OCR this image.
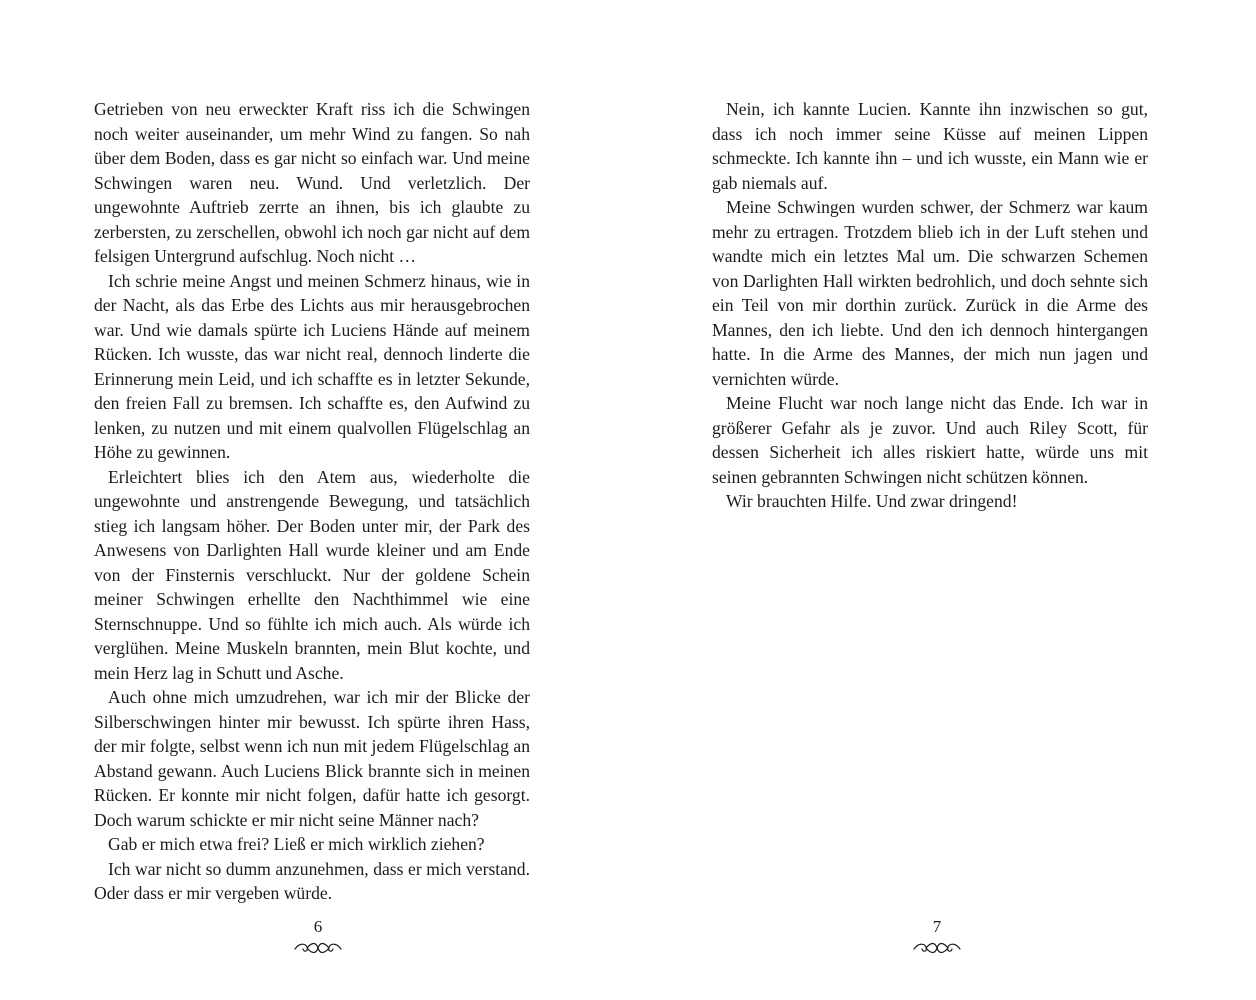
Getrieben von neu erweckter Kraft riss ich die Schwingen noch weiter auseinander, um mehr Wind zu fangen. So nah über dem Boden, dass es gar nicht so einfach war. Und meine Schwingen waren neu. Wund. Und verletzlich. Der ungewohnte Auftrieb zerrte an ihnen, bis ich glaubte zu zerbersten, zu zerschellen, obwohl ich noch gar nicht auf dem felsigen Untergrund aufschlug. Noch nicht …

Ich schrie meine Angst und meinen Schmerz hinaus, wie in der Nacht, als das Erbe des Lichts aus mir herausgebrochen war. Und wie damals spürte ich Luciens Hände auf meinem Rücken. Ich wusste, das war nicht real, dennoch linderte die Erinnerung mein Leid, und ich schaffte es in letzter Sekunde, den freien Fall zu bremsen. Ich schaffte es, den Aufwind zu lenken, zu nutzen und mit einem qualvollen Flügelschlag an Höhe zu gewinnen.

Erleichtert blies ich den Atem aus, wiederholte die ungewohnte und anstrengende Bewegung, und tatsächlich stieg ich langsam höher. Der Boden unter mir, der Park des Anwesens von Darlighten Hall wurde kleiner und am Ende von der Finsternis verschluckt. Nur der goldene Schein meiner Schwingen erhellte den Nachthimmel wie eine Sternschnuppe. Und so fühlte ich mich auch. Als würde ich verglühen. Meine Muskeln brannten, mein Blut kochte, und mein Herz lag in Schutt und Asche.

Auch ohne mich umzudrehen, war ich mir der Blicke der Silberschwingen hinter mir bewusst. Ich spürte ihren Hass, der mir folgte, selbst wenn ich nun mit jedem Flügelschlag an Abstand gewann. Auch Luciens Blick brannte sich in meinen Rücken. Er konnte mir nicht folgen, dafür hatte ich gesorgt. Doch warum schickte er mir nicht seine Männer nach?

Gab er mich etwa frei? Ließ er mich wirklich ziehen?

Ich war nicht so dumm anzunehmen, dass er mich verstand. Oder dass er mir vergeben würde.

6

Nein, ich kannte Lucien. Kannte ihn inzwischen so gut, dass ich noch immer seine Küsse auf meinen Lippen schmeckte. Ich kannte ihn – und ich wusste, ein Mann wie er gab niemals auf.

Meine Schwingen wurden schwer, der Schmerz war kaum mehr zu ertragen. Trotzdem blieb ich in der Luft stehen und wandte mich ein letztes Mal um. Die schwarzen Schemen von Darlighten Hall wirkten bedrohlich, und doch sehnte sich ein Teil von mir dorthin zurück. Zurück in die Arme des Mannes, den ich liebte. Und den ich dennoch hintergangen hatte. In die Arme des Mannes, der mich nun jagen und vernichten würde.

Meine Flucht war noch lange nicht das Ende. Ich war in größerer Gefahr als je zuvor. Und auch Riley Scott, für dessen Sicherheit ich alles riskiert hatte, würde uns mit seinen gebrannten Schwingen nicht schützen können.

Wir brauchten Hilfe. Und zwar dringend!

7
